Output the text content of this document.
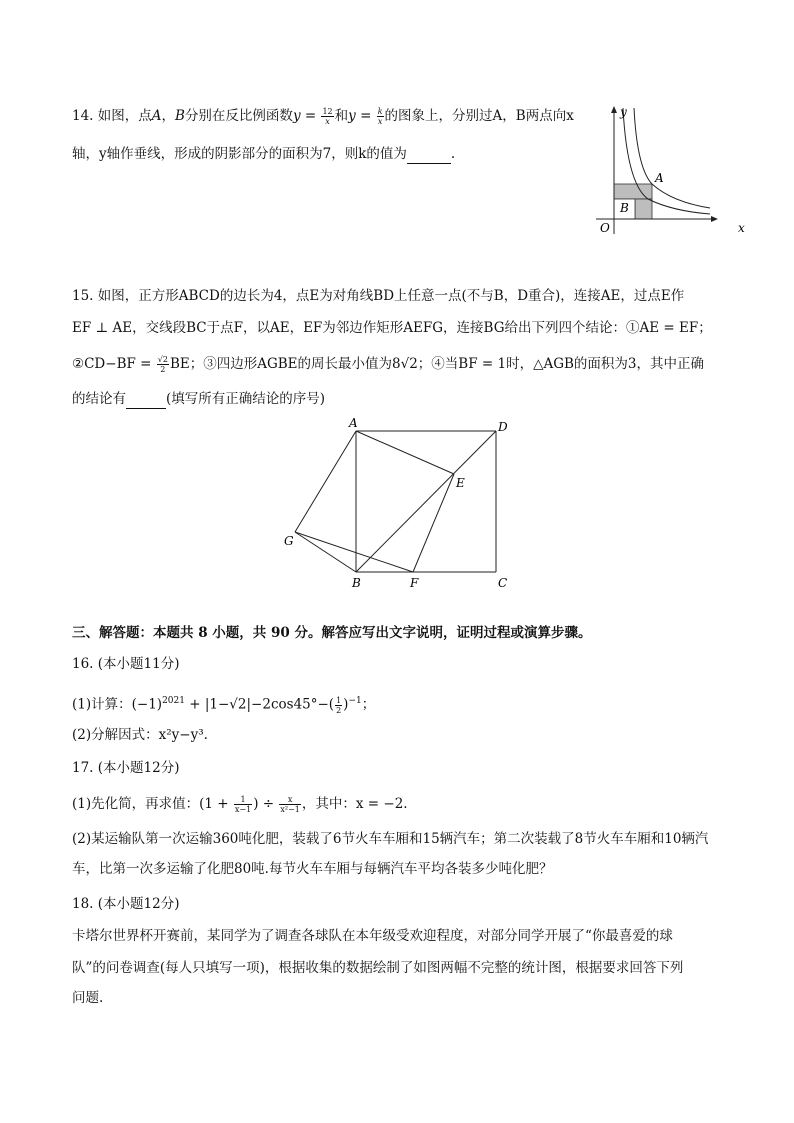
14. 如图，点A，B分别在反比例函数$y = \frac{12}{x}$ 和$y = \frac{k}{x}$ 的图象上，分别过A，B两点向x
轴，y轴作垂线，形成的阴影部分的面积为7，则k的值为	.
y
x
O
A
B
15. 如图，正方形ABCD的边长为4，点E为对角线BD上任意一点(不与B，D重合)，连接AE，过点E作
EF ⊥ AE，交线段BC于点F，以AE，EF为邻边作矩形AEFG，连接BG给出下列四个结论：①AE = EF；
②CD−BF = $\frac{√2}{2}$ BE；③四边形AGBE的周长最小值为8√2；④当BF = 1时，△AGB的面积为3，其中正确
的结论有	(填写所有正确结论的序号)
A	D
E
G
B	F	C
三、解答题：本题共 8 小题，共 90 分。解答应写出文字说明，证明过程或演算步骤。
16. (本小题11分)
(1)计算：$(-1)^{2021} + |1-√2|-2\cos 45^\circ-( \frac{1}{2} )^{-1}$；
(2)分解因式：x²y−y³.
17. (本小题12分)
(1)先化简，再求值：($1 + \frac{1}{x-1}$ ) ÷ $\frac{x}{\text{x²−1}}$ ，其中：x = −2.
(2)某运输队第一次运输360吨化肥，装载了6节火车车厢和15辆汽车；第二次装载了8节火车车厢和10辆汽
车，比第一次多运输了化肥80吨.每节火车车厢与每辆汽车平均各装多少吨化肥？
18. (本小题12分)
卡塔尔世界杯开赛前，某同学为了调查各球队在本年级受欢迎程度，对部分同学开展了“你最喜爱的球
队”的问卷调查(每人只填写一项)，根据收集的数据绘制了如图两幅不完整的统计图，根据要求回答下列
问题.
